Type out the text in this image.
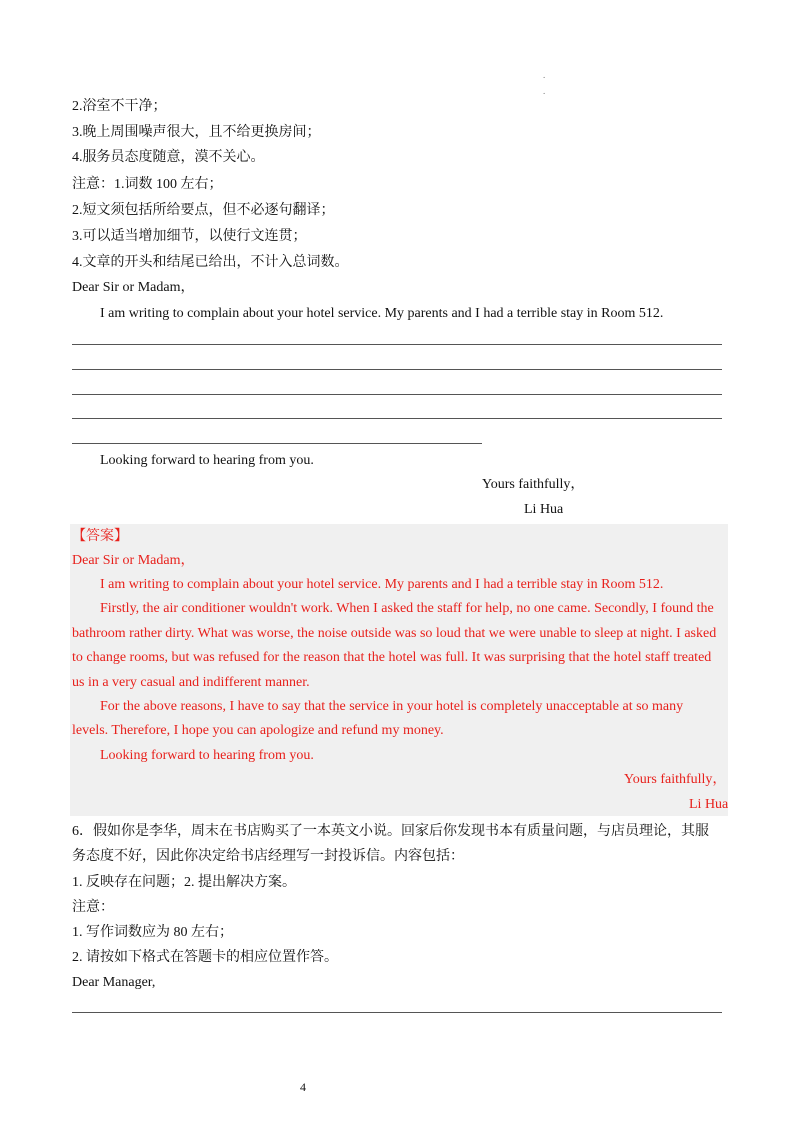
.
.
2.浴室不干净；
3.晚上周围噪声很大，且不给更换房间；
4.服务员态度随意，漠不关心。
注意：1.词数 100 左右；
2.短文须包括所给要点，但不必逐句翻译；
3.可以适当增加细节，以使行文连贯；
4.文章的开头和结尾已给出，不计入总词数。
Dear Sir or Madam，
I am writing to complain about your hotel service. My parents and I had a terrible stay in Room 512.
Looking forward to hearing from you.
Yours faithfully，
Li Hua
【答案】
Dear Sir or Madam，
I am writing to complain about your hotel service. My parents and I had a terrible stay in Room 512.
Firstly, the air conditioner wouldn't work. When I asked the staff for help, no one came. Secondly, I found the
bathroom rather dirty. What was worse, the noise outside was so loud that we were unable to sleep at night. I asked
to change rooms, but was refused for the reason that the hotel was full. It was surprising that the hotel staff treated
us in a very casual and indifferent manner.
For the above reasons, I have to say that the service in your hotel is completely unacceptable at so many
levels. Therefore, I hope you can apologize and refund my money.
Looking forward to hearing from you.
Yours faithfully，
Li Hua
6．假如你是李华，周末在书店购买了一本英文小说。回家后你发现书本有质量问题，与店员理论，其服
务态度不好，因此你决定给书店经理写一封投诉信。内容包括：
1. 反映存在问题；2. 提出解决方案。
注意：
1. 写作词数应为 80 左右；
2. 请按如下格式在答题卡的相应位置作答。
Dear Manager,
4
